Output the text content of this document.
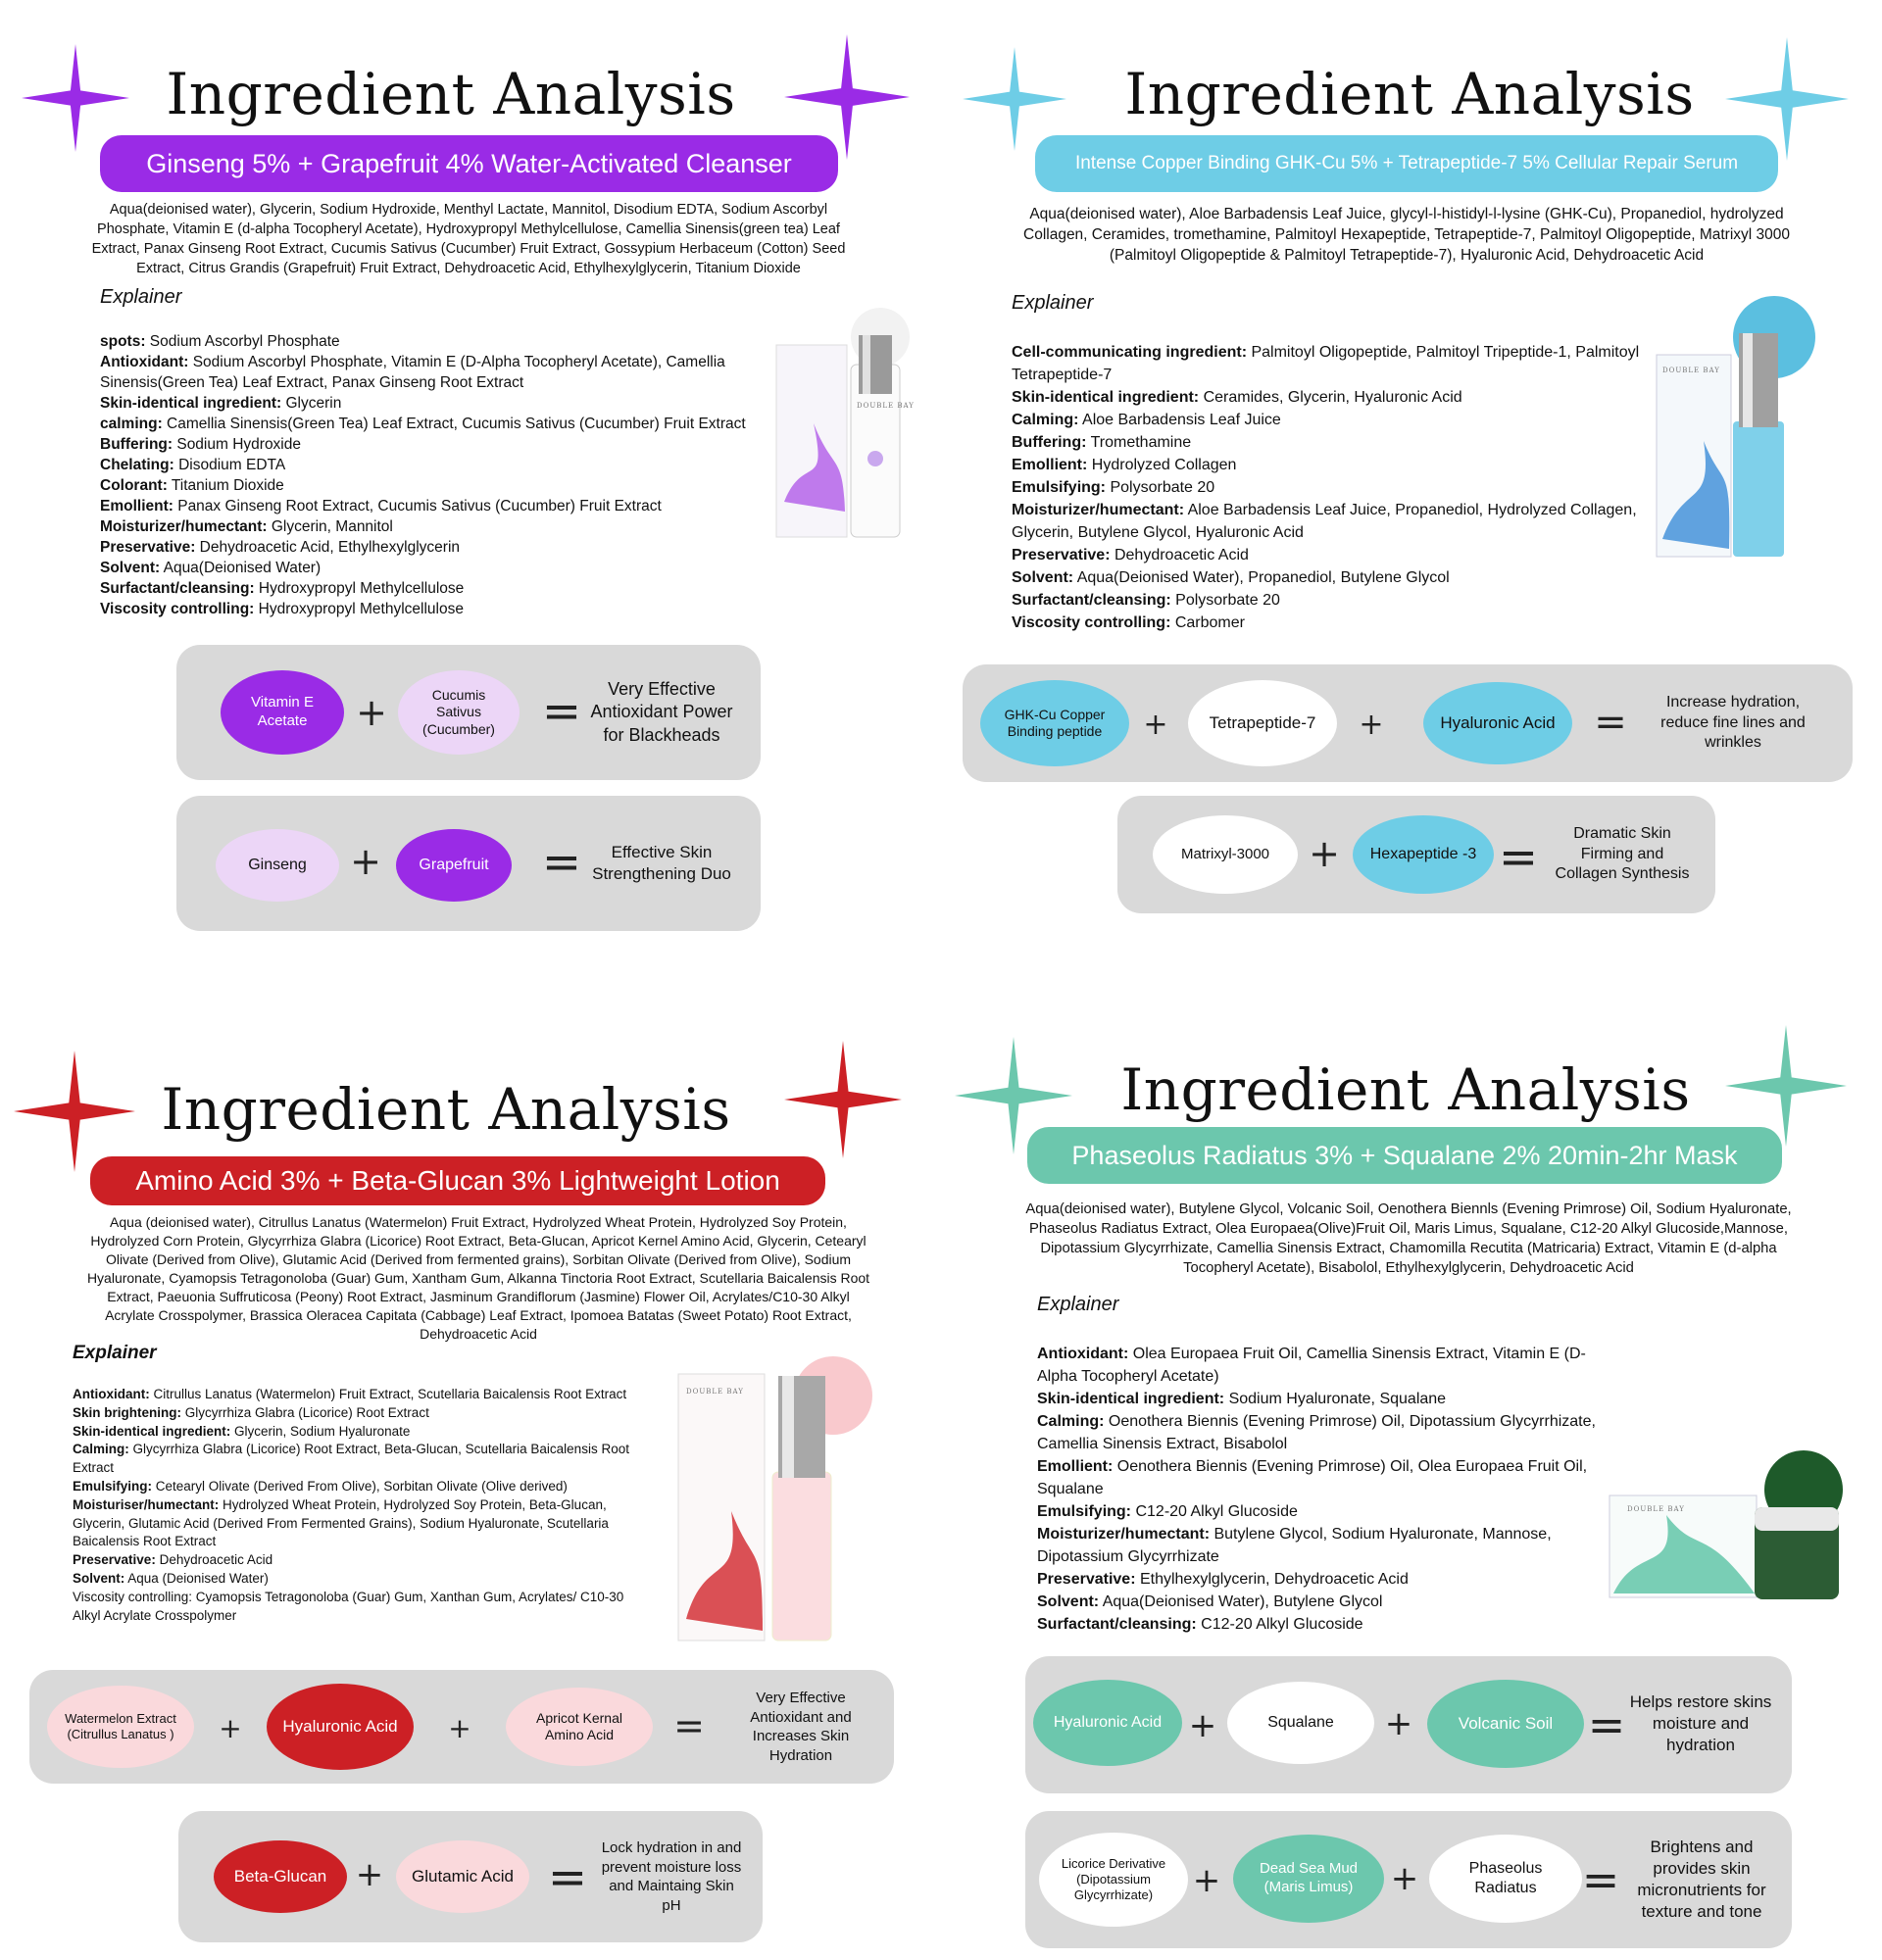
Ingredient Analysis
Ginseng 5% + Grapefruit 4% Water-Activated Cleanser
Aqua(deionised water), Glycerin, Sodium Hydroxide, Menthyl Lactate, Mannitol, Disodium EDTA, Sodium Ascorbyl Phosphate, Vitamin E (d-alpha Tocopheryl Acetate), Hydroxypropyl Methylcellulose, Camellia Sinensis(green tea) Leaf Extract, Panax Ginseng Root Extract, Cucumis Sativus (Cucumber) Fruit Extract, Gossypium Herbaceum (Cotton) Seed Extract, Citrus Grandis (Grapefruit) Fruit Extract, Dehydroacetic Acid, Ethylhexylglycerin, Titanium Dioxide
Explainer
spots: Sodium Ascorbyl Phosphate
Antioxidant: Sodium Ascorbyl Phosphate, Vitamin E (D-Alpha Tocopheryl Acetate), Camellia Sinensis(Green Tea) Leaf Extract, Panax Ginseng Root Extract
Skin-identical ingredient: Glycerin
calming: Camellia Sinensis(Green Tea) Leaf Extract, Cucumis Sativus (Cucumber) Fruit Extract
Buffering: Sodium Hydroxide
Chelating: Disodium EDTA
Colorant: Titanium Dioxide
Emollient: Panax Ginseng Root Extract, Cucumis Sativus (Cucumber) Fruit Extract
Moisturizer/humectant: Glycerin, Mannitol
Preservative: Dehydroacetic Acid, Ethylhexylglycerin
Solvent: Aqua(Deionised Water)
Surfactant/cleansing: Hydroxypropyl Methylcellulose
Viscosity controlling: Hydroxypropyl Methylcellulose
DOUBLE BAY
Vitamin E Acetate	+	Cucumis Sativus (Cucumber) =	Very Effective Antioxidant Power for Blackheads
Ginseng	+	Grapefruit	=	Effective Skin Strengthening Duo
Ingredient Analysis
Intense Copper Binding GHK-Cu 5% + Tetrapeptide-7 5% Cellular Repair Serum
Aqua(deionised water), Aloe Barbadensis Leaf Juice, glycyl-l-histidyl-l-lysine (GHK-Cu), Propanediol, hydrolyzed Collagen, Ceramides, tromethamine, Palmitoyl Hexapeptide, Tetrapeptide-7, Palmitoyl Oligopeptide, Matrixyl 3000 (Palmitoyl Oligopeptide & Palmitoyl Tetrapeptide-7), Hyaluronic Acid, Dehydroacetic Acid
Explainer
Cell-communicating ingredient: Palmitoyl Oligopeptide, Palmitoyl Tripeptide-1, Palmitoyl Tetrapeptide-7
Skin-identical ingredient: Ceramides, Glycerin, Hyaluronic Acid
Calming: Aloe Barbadensis Leaf Juice
Buffering: Tromethamine
Emollient: Hydrolyzed Collagen
Emulsifying: Polysorbate 20
Moisturizer/humectant: Aloe Barbadensis Leaf Juice, Propanediol, Hydrolyzed Collagen, Glycerin, Butylene Glycol, Hyaluronic Acid
Preservative: Dehydroacetic Acid
Solvent: Aqua(Deionised Water), Propanediol, Butylene Glycol
Surfactant/cleansing: Polysorbate 20
Viscosity controlling: Carbomer
DOUBLE BAY
GHK-Cu Copper Binding peptide	+	Tetrapeptide-7	+	Hyaluronic Acid =	Increase hydration, reduce fine lines and wrinkles
Matrixyl-3000	+	Hexapeptide -3 =	Dramatic Skin Firming and Collagen Synthesis
Ingredient Analysis
Amino Acid 3% + Beta-Glucan 3% Lightweight Lotion
Aqua (deionised water), Citrullus Lanatus (Watermelon) Fruit Extract, Hydrolyzed Wheat Protein, Hydrolyzed Soy Protein, Hydrolyzed Corn Protein, Glycyrrhiza Glabra (Licorice) Root Extract, Beta-Glucan, Apricot Kernel Amino Acid, Glycerin, Cetearyl Olivate (Derived from Olive), Glutamic Acid (Derived from fermented grains), Sorbitan Olivate (Derived from Olive), Sodium Hyaluronate, Cyamopsis Tetragonoloba (Guar) Gum, Xantham Gum, Alkanna Tinctoria Root Extract, Scutellaria Baicalensis Root Extract, Paeuonia Suffruticosa (Peony) Root Extract, Jasminum Grandiflorum (Jasmine) Flower Oil, Acrylates/C10-30 Alkyl Acrylate Crosspolymer, Brassica Oleracea Capitata (Cabbage) Leaf Extract, Ipomoea Batatas (Sweet Potato) Root Extract, Dehydroacetic Acid
Explainer
Antioxidant: Citrullus Lanatus (Watermelon) Fruit Extract, Scutellaria Baicalensis Root Extract
Skin brightening: Glycyrrhiza Glabra (Licorice) Root Extract
Skin-identical ingredient: Glycerin, Sodium Hyaluronate
Calming: Glycyrrhiza Glabra (Licorice) Root Extract, Beta-Glucan, Scutellaria Baicalensis Root Extract
Emulsifying: Cetearyl Olivate (Derived From Olive), Sorbitan Olivate (Olive derived)
Moisturiser/humectant: Hydrolyzed Wheat Protein, Hydrolyzed Soy Protein, Beta-Glucan, Glycerin, Glutamic Acid (Derived From Fermented Grains), Sodium Hyaluronate, Scutellaria Baicalensis Root Extract
Preservative: Dehydroacetic Acid
Solvent: Aqua (Deionised Water)
Viscosity controlling: Cyamopsis Tetragonoloba (Guar) Gum, Xanthan Gum, Acrylates/ C10-30 Alkyl Acrylate Crosspolymer
DOUBLE BAY
Watermelon Extract (Citrullus Lanatus )	+	Hyaluronic Acid	+	Apricot Kernal Amino Acid	=
Very Effective Antioxidant and Increases Skin Hydration
Beta-Glucan +	Glutamic Acid =
Lock hydration in and prevent moisture loss and Maintaing Skin pH
Ingredient Analysis
Phaseolus Radiatus 3% + Squalane 2% 20min-2hr Mask
Aqua(deionised water), Butylene Glycol, Volcanic Soil, Oenothera Biennls (Evening Primrose) Oil, Sodium Hyaluronate, Phaseolus Radiatus Extract, Olea Europaea(Olive)Fruit Oil, Maris Limus, Squalane, C12-20 Alkyl Glucoside,Mannose, Dipotassium Glycyrrhizate, Camellia Sinensis Extract, Chamomilla Recutita (Matricaria) Extract, Vitamin E (d-alpha Tocopheryl Acetate), Bisabolol, Ethylhexylglycerin, Dehydroacetic Acid
Explainer
Antioxidant: Olea Europaea Fruit Oil, Camellia Sinensis Extract, Vitamin E (D-Alpha Tocopheryl Acetate)
Skin-identical ingredient: Sodium Hyaluronate, Squalane
Calming: Oenothera Biennis (Evening Primrose) Oil, Dipotassium Glycyrrhizate, Camellia Sinensis Extract, Bisabolol
Emollient: Oenothera Biennis (Evening Primrose) Oil, Olea Europaea Fruit Oil, Squalane
Emulsifying: C12-20 Alkyl Glucoside
Moisturizer/humectant: Butylene Glycol, Sodium Hyaluronate, Mannose, Dipotassium Glycyrrhizate
Preservative: Ethylhexylglycerin, Dehydroacetic Acid
Solvent: Aqua(Deionised Water), Butylene Glycol
Surfactant/cleansing: C12-20 Alkyl Glucoside
DOUBLE BAY
Hyaluronic Acid +	Squalane	+	Volcanic Soil = Helps restore skins moisture and hydration
Licorice Derivative (Dipotassium Glycyrrhizate)	+	Dead Sea Mud (Maris Limus)	+	Phaseolus Radiatus	=
Brightens and provides skin micronutrients for texture and tone
